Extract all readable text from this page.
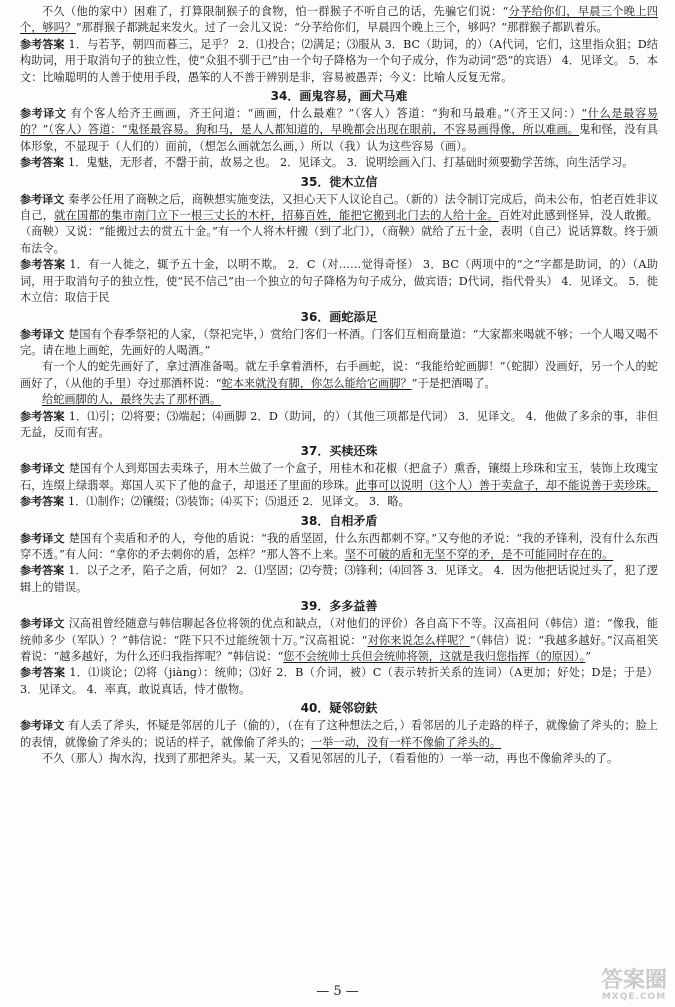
不久（他的家中）困难了，打算限制猴子的食物，怕一群猴子不听自己的话，先骗它们说：“分芧给你们，早晨三个晚上四个，够吗？”那群猴子都跳起来发火。过了一会儿又说：“分芧给你们，早晨四个晚上三个，够吗？”那群猴子都趴着乐。

参考答案 1．与若芧，朝四而暮三，足乎？ 2．⑴投合；⑵满足；⑶服从 3．BC（助词，的）（A代词，它们，这里指众狙；D结构助词，用于取消句子的独立性，使“众狙不驯于己”由一个句子降格为一个句子成分，作为动词“恐”的宾语） 4．见译文。 5．本文：比喻聪明的人善于使用手段，愚笨的人不善于辨别是非，容易被愚弄；今义：比喻人反复无常。

34．画鬼容易，画犬马难

参考译文 有个客人给齐王画画，齐王问道：“画画，什么最难？”（客人）答道：“狗和马最难。”（齐王又问：）“什么是最容易的？”（客人）答道：“鬼怪最容易。狗和马，是人人都知道的，早晚都会出现在眼前，不容易画得像，所以难画。鬼和怪，没有具体形象，不显现于（人们的）面前，（想怎么画就怎么画，）所以（我）认为这些容易（画）。

参考答案 1．鬼魅，无形者，不罄于前，故易之也。 2．见译文。 3．说明绘画入门、打基础时须要勤学苦练，向生活学习。

35．徙木立信

参考译文 秦孝公任用了商鞅之后，商鞅想实施变法，又担心天下人议论自己。（新的）法令制订完成后，尚未公布，怕老百姓非议自己，就在国都的集市南门立下一根三丈长的木杆，招募百姓，能把它搬到北门去的人给十金。百姓对此感到怪异，没人敢搬。（商鞅）又说：“能搬过去的赏五十金。”有一个人将木杆搬（到了北门），（商鞅）就给了五十金，表明（自己）说话算数。终于颁布法令。

参考答案 1．有一人徙之，辄予五十金，以明不欺。 2．C（对……觉得奇怪） 3．BC（两项中的“之”字都是助词，的）（A助词，用于取消句子的独立性，使“民不信己”由一个独立的句子降格为句子成分，做宾语；D代词，指代骨头） 4．见译文。 5．徙木立信：取信于民

36．画蛇添足

参考译文 楚国有个春季祭祀的人家，（祭祀完毕，）赏给门客们一杯酒。门客们互相商量道：“大家都来喝就不够；一个人喝又喝不完。请在地上画蛇，先画好的人喝酒。”

有一个人的蛇先画好了，拿过酒准备喝。就左手拿着酒杯，右手画蛇，说：“我能给蛇画脚！”（蛇脚）没画好，另一个人的蛇画好了，（从他的手里）夺过那酒杯说：“蛇本来就没有脚，你怎么能给它画脚？”于是把酒喝了。

给蛇画脚的人，最终失去了那杯酒。

参考答案 1．⑴引；⑵将要；⑶端起；⑷画脚 2．D（助词，的）（其他三项都是代词） 3．见译文。 4．他做了多余的事，非但无益，反而有害。

37．买椟还珠

参考译文 楚国有个人到郑国去卖珠子，用木兰做了一个盒子，用桂木和花椒（把盒子）熏香，镶缀上珍珠和宝玉，装饰上玫瑰宝石，连缀上绿翡翠。郑国人买下了他的盒子，却退还了里面的珍珠。此事可以说明（这个人）善于卖盒子，却不能说善于卖珍珠。

参考答案 1．⑴制作；⑵镶缀；⑶装饰；⑷买下；⑸退还 2．见译文。 3．略。

38．自相矛盾

参考译文 楚国有个卖盾和矛的人，夸他的盾说：“我的盾坚固，什么东西都刺不穿。”又夸他的矛说：“我的矛锋利，没有什么东西穿不透。”有人问：“拿你的矛去刺你的盾，怎样？”那人答不上来。坚不可破的盾和无坚不穿的矛，是不可能同时存在的。

参考答案 1．以子之矛，陷子之盾，何如？ 2．⑴坚固；⑵夸赞；⑶锋利；⑷回答 3．见译文。 4．因为他把话说过头了，犯了逻辑上的错误。

39．多多益善

参考译文 汉高祖曾经随意与韩信聊起各位将领的优点和缺点，（对他们的评价）各自高下不等。汉高祖问（韩信）道：“像我，能统帅多少（军队）？”韩信说：“陛下只不过能统领十万。”汉高祖说：“对你来说怎么样呢？”（韩信）说：“我越多越好。”汉高祖笑着说：“越多越好，为什么还归我指挥呢？”韩信说：“您不会统帅士兵但会统帅将领，这就是我归您指挥（的原因）。”

参考答案 1．⑴谈论；⑵将（jiàng）：统帅；⑶好 2．B（介词，被）C（表示转折关系的连词）（A更加；好处；D是；于是） 3．见译文。 4．率真，敢说真话，恃才傲物。

40．疑邻窃鈇

参考译文 有人丢了斧头，怀疑是邻居的儿子（偷的），（在有了这种想法之后，）看邻居的儿子走路的样子，就像偷了斧头的；脸上的表情，就像偷了斧头的；说话的样子，就像偷了斧头的；一举一动，没有一样不像偷了斧头的。

不久（那人）掏水沟，找到了那把斧头。某一天，又看见邻居的儿子，（看看他的）一举一动，再也不像偷斧头的了。

— 5 —	答案圈
MXQE.COM
